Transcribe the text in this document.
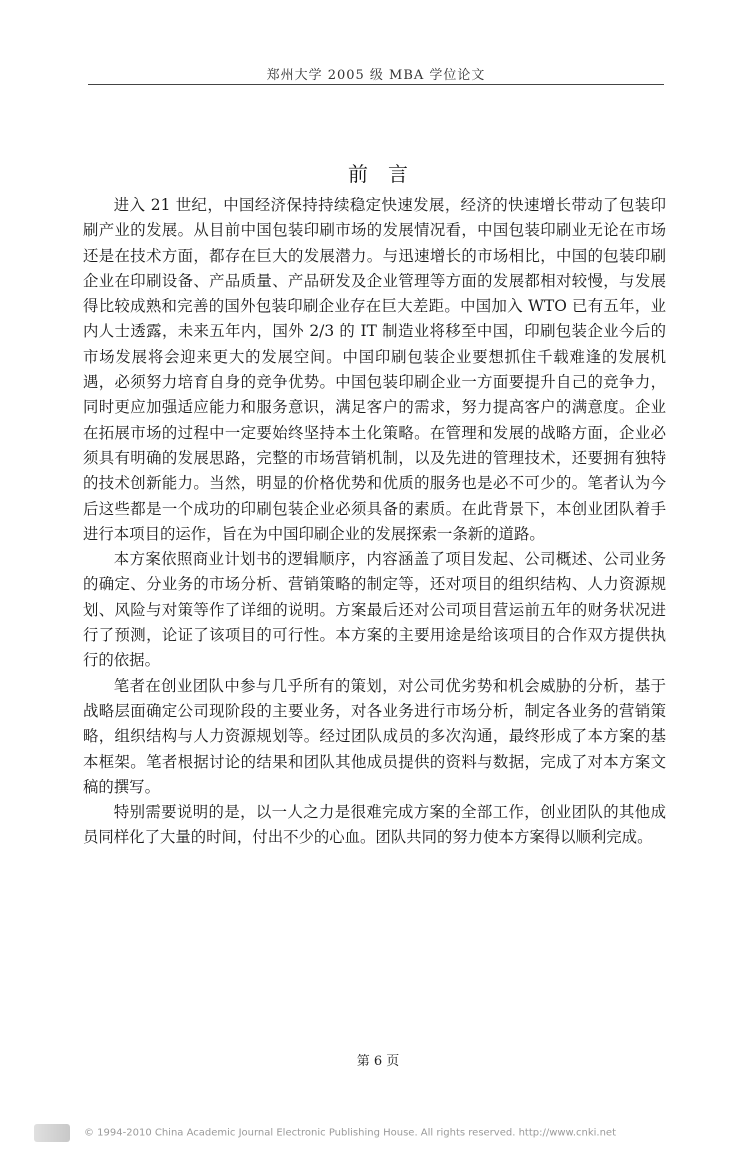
郑州大学 2005 级 MBA 学位论文
前言

进入 21 世纪，中国经济保持持续稳定快速发展，经济的快速增长带动了包装印刷产业的发展。从目前中国包装印刷市场的发展情况看，中国包装印刷业无论在市场还是在技术方面，都存在巨大的发展潜力。与迅速增长的市场相比，中国的包装印刷企业在印刷设备、产品质量、产品研发及企业管理等方面的发展都相对较慢，与发展得比较成熟和完善的国外包装印刷企业存在巨大差距。中国加入 WTO 已有五年，业内人士透露，未来五年内，国外 2/3 的 IT 制造业将移至中国，印刷包装企业今后的市场发展将会迎来更大的发展空间。中国印刷包装企业要想抓住千载难逢的发展机遇，必须努力培育自身的竞争优势。中国包装印刷企业一方面要提升自己的竞争力，同时更应加强适应能力和服务意识，满足客户的需求，努力提高客户的满意度。企业在拓展市场的过程中一定要始终坚持本土化策略。在管理和发展的战略方面，企业必须具有明确的发展思路，完整的市场营销机制，以及先进的管理技术，还要拥有独特的技术创新能力。当然，明显的价格优势和优质的服务也是必不可少的。笔者认为今后这些都是一个成功的印刷包装企业必须具备的素质。在此背景下，本创业团队着手进行本项目的运作，旨在为中国印刷企业的发展探索一条新的道路。

本方案依照商业计划书的逻辑顺序，内容涵盖了项目发起、公司概述、公司业务的确定、分业务的市场分析、营销策略的制定等，还对项目的组织结构、人力资源规划、风险与对策等作了详细的说明。方案最后还对公司项目营运前五年的财务状况进行了预测，论证了该项目的可行性。本方案的主要用途是给该项目的合作双方提供执行的依据。

笔者在创业团队中参与几乎所有的策划，对公司优劣势和机会威胁的分析，基于战略层面确定公司现阶段的主要业务，对各业务进行市场分析，制定各业务的营销策略，组织结构与人力资源规划等。经过团队成员的多次沟通，最终形成了本方案的基本框架。笔者根据讨论的结果和团队其他成员提供的资料与数据，完成了对本方案文稿的撰写。

特别需要说明的是，以一人之力是很难完成方案的全部工作，创业团队的其他成员同样化了大量的时间，付出不少的心血。团队共同的努力使本方案得以顺利完成。

第 6 页
© 1994-2010 China Academic Journal Electronic Publishing House. All rights reserved. http://www.cnki.net
